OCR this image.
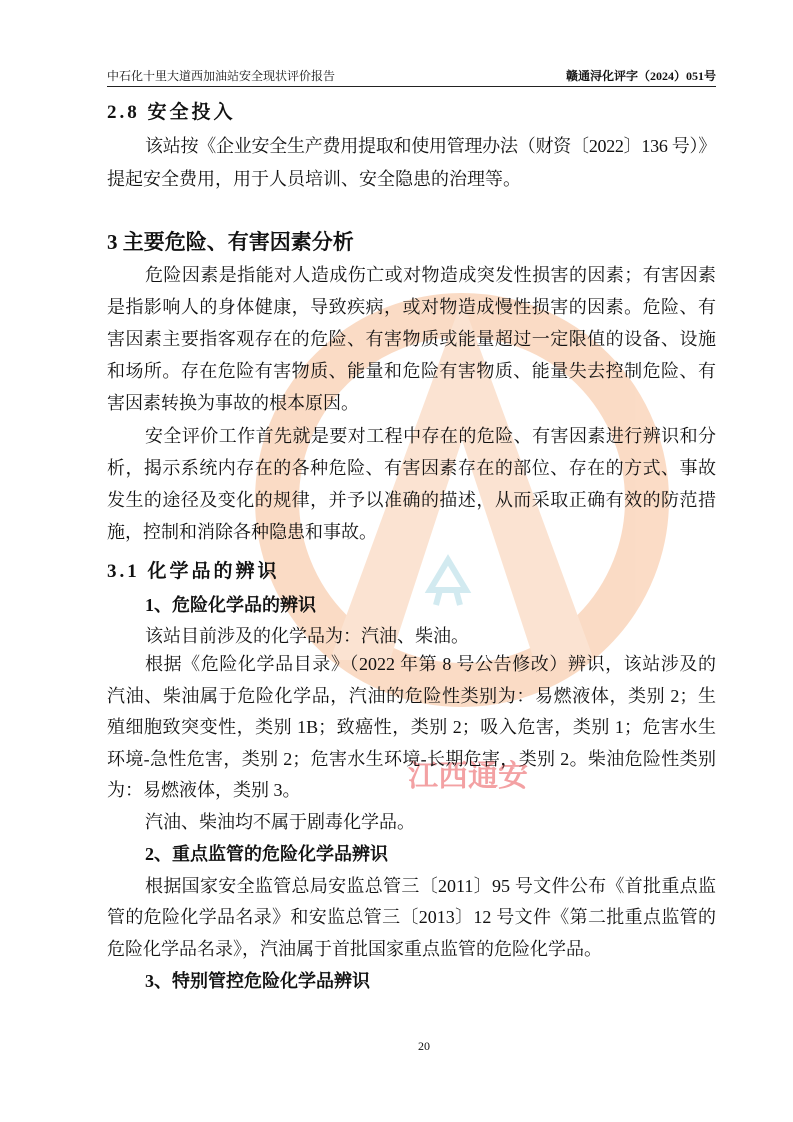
江西通安
中石化十里大道西加油站安全现状评价报告	赣通浔化评字（2024）051号
2.8 安全投入
该站按《企业安全生产费用提取和使用管理办法（财资〔2022〕136 号）》
提起安全费用，用于人员培训、安全隐患的治理等。
3 主要危险、有害因素分析
危险因素是指能对人造成伤亡或对物造成突发性损害的因素；有害因素
是指影响人的身体健康，导致疾病，或对物造成慢性损害的因素。危险、有
害因素主要指客观存在的危险、有害物质或能量超过一定限值的设备、设施
和场所。存在危险有害物质、能量和危险有害物质、能量失去控制危险、有
害因素转换为事故的根本原因。
安全评价工作首先就是要对工程中存在的危险、有害因素进行辨识和分
析，揭示系统内存在的各种危险、有害因素存在的部位、存在的方式、事故
发生的途径及变化的规律，并予以准确的描述，从而采取正确有效的防范措
施，控制和消除各种隐患和事故。
3.1 化学品的辨识
1、危险化学品的辨识
该站目前涉及的化学品为：汽油、柴油。
根据《危险化学品目录》（2022 年第 8 号公告修改）辨识，该站涉及的
汽油、柴油属于危险化学品，汽油的危险性类别为：易燃液体，类别 2；生
殖细胞致突变性，类别 1B；致癌性，类别 2；吸入危害，类别 1；危害水生
环境-急性危害，类别 2；危害水生环境-长期危害，类别 2。柴油危险性类别
为：易燃液体，类别 3。
汽油、柴油均不属于剧毒化学品。
2、重点监管的危险化学品辨识
根据国家安全监管总局安监总管三〔2011〕95 号文件公布《首批重点监
管的危险化学品名录》和安监总管三〔2013〕12 号文件《第二批重点监管的
危险化学品名录》，汽油属于首批国家重点监管的危险化学品。
3、特别管控危险化学品辨识
20
